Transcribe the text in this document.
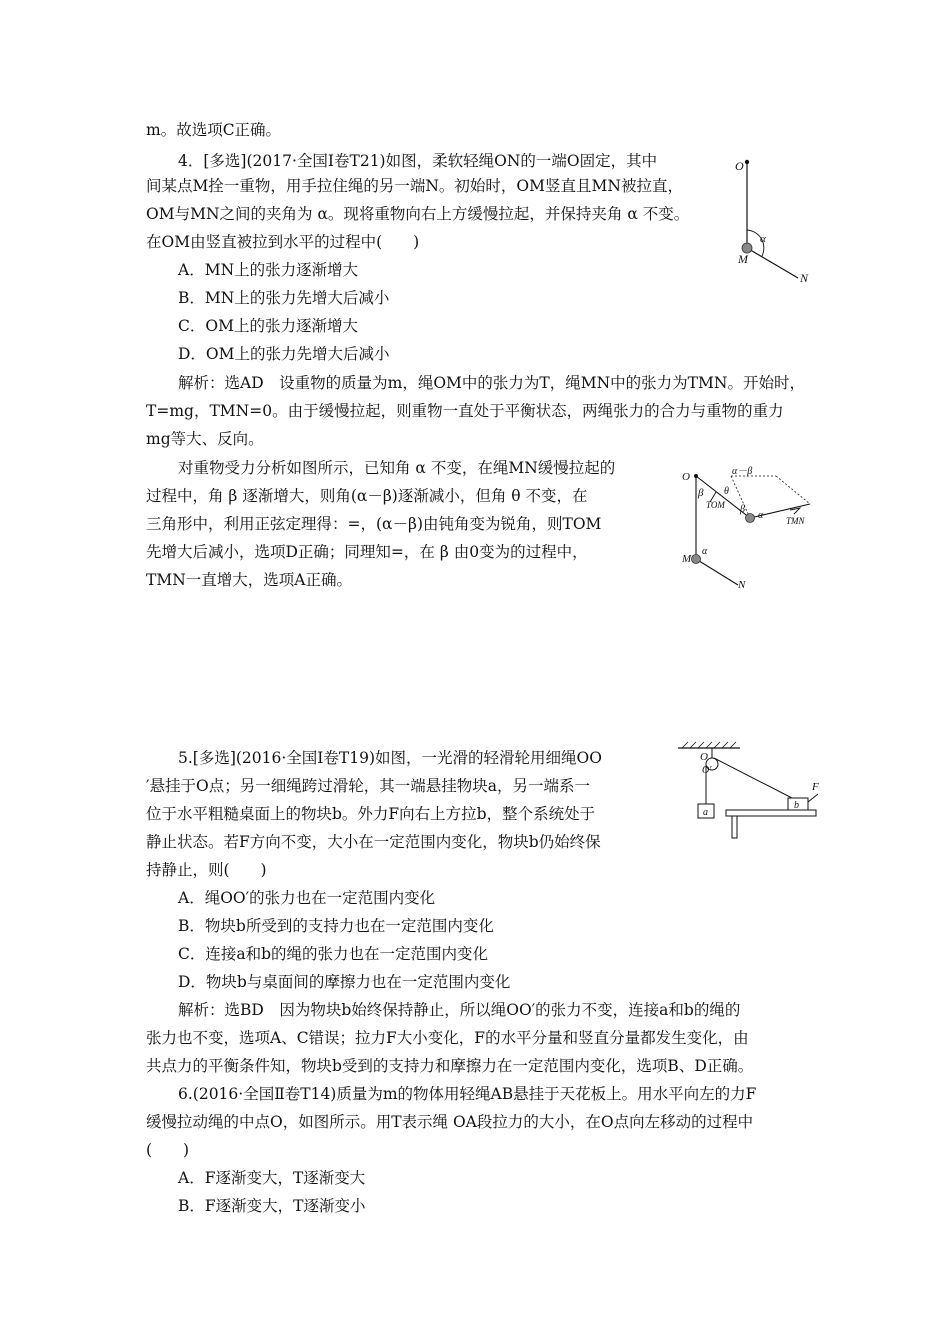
m。故选项C正确。
4．[多选](2017·全国Ⅰ卷T21)如图，柔软轻绳ON的一端O固定，其中
间某点M拴一重物，用手拉住绳的另一端N。初始时，OM竖直且MN被拉直，
OM与MN之间的夹角为 α。现将重物向右上方缓慢拉起，并保持夹角 α 不变。
在OM由竖直被拉到水平的过程中(　　)
A．MN上的张力逐渐增大
B．MN上的张力先增大后减小
C．OM上的张力逐渐增大
D．OM上的张力先增大后减小
解析：选AD　设重物的质量为m，绳OM中的张力为T，绳MN中的张力为TMN。开始时，
T=mg，TMN=0。由于缓慢拉起，则重物一直处于平衡状态，两绳张力的合力与重物的重力
mg等大、反向。
对重物受力分析如图所示，已知角 α 不变，在绳MN缓慢拉起的
过程中，角 β 逐渐增大，则角(α－β)逐渐减小，但角 θ 不变，在
三角形中，利用正弦定理得：=，(α－β)由钝角变为锐角，则TOM
先增大后减小，选项D正确；同理知=，在 β 由0变为的过程中，
TMN一直增大，选项A正确。
5.[多选](2016·全国Ⅰ卷T19)如图，一光滑的轻滑轮用细绳OO
′悬挂于O点；另一细绳跨过滑轮，其一端悬挂物块a，另一端系一
位于水平粗糙桌面上的物块b。外力F向右上方拉b，整个系统处于
静止状态。若F方向不变，大小在一定范围内变化，物块b仍始终保
持静止，则(　　)
A．绳OO′的张力也在一定范围内变化
B．物块b所受到的支持力也在一定范围内变化
C．连接a和b的绳的张力也在一定范围内变化
D．物块b与桌面间的摩擦力也在一定范围内变化
解析：选BD　因为物块b始终保持静止，所以绳OO′的张力不变，连接a和b的绳的
张力也不变，选项A、C错误；拉力F大小变化，F的水平分量和竖直分量都发生变化，由
共点力的平衡条件知，物块b受到的支持力和摩擦力在一定范围内变化，选项B、D正确。
6.(2016·全国Ⅱ卷T14)质量为m的物体用轻绳AB悬挂于天花板上。用水平向左的力F
缓慢拉动绳的中点O，如图所示。用T表示绳 OA段拉力的大小，在O点向左移动的过程中
(　　)
A．F逐渐变大，T逐渐变大
B．F逐渐变大，T逐渐变小
O
α
M
N
O
β
α－β
θ
TOM β
α	TMN
M
α
N
O
O′
a
b
F
